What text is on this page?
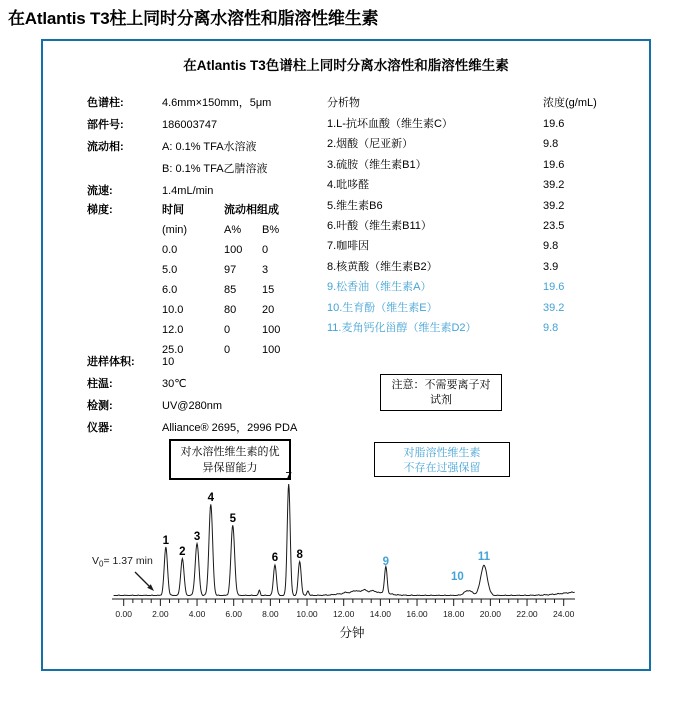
在Atlantis T3柱上同时分离水溶性和脂溶性维生素
在Atlantis T3色谱柱上同时分离水溶性和脂溶性维生素
色谱柱:	4.6mm×150mm，5μm
部件号:	186003747
流动相:	A: 0.1% TFA水溶液
B: 0.1% TFA乙腈溶液
流速:	1.4mL/min
梯度:	时间	流动相组成
(min)	A%	B%
0.0	100	0
5.0	97	3
6.0	85	15
10.0	80	20
12.0	0	100
25.0	0	100
进样体积:	10
柱温:	30℃
检测:	UV@280nm
仪器:	Alliance® 2695，2996 PDA
分析物	浓度(g/mL)
1.L-抗坏血酸（维生素C）	19.6
2.烟酸（尼亚新）	9.8
3.硫胺（维生素B1）	19.6
4.吡哆醛	39.2
5.维生素B6	39.2
6.叶酸（维生素B11）	23.5
7.咖啡因	9.8
8.核黄酸（维生素B2）	3.9
9.松香油（维生素A）	19.6
10.生育酚（维生素E）	39.2
11.麦角钙化甾醇（维生素D2）	9.8
注意：不需要离子对
试剂
对水溶性维生素的优
异保留能力
对脂溶性维生素
不存在过强保留
0.00 2.00 4.00 6.00 8.00 10.00 12.00 14.00 16.00 18.00 20.00 22.00 24.00
分钟
1
2
3
4
5
6
7
8
9
10
11
$V_0= 1.37$ min
